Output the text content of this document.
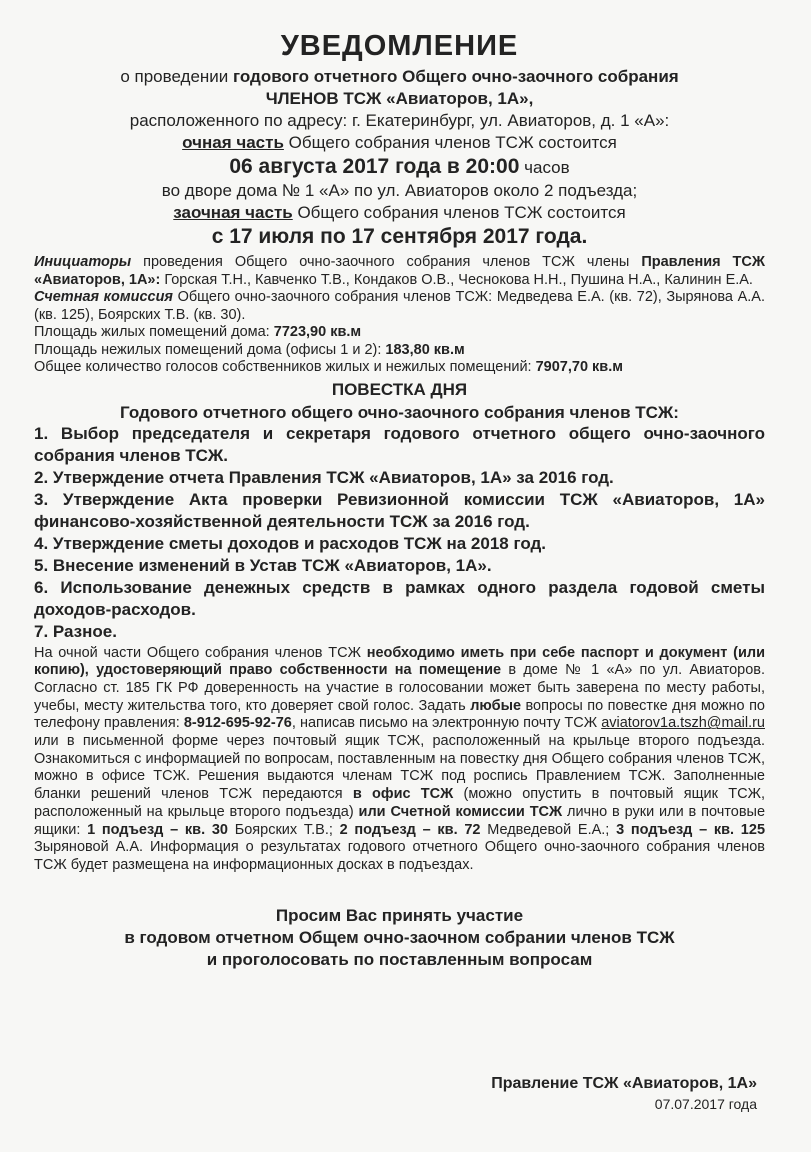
УВЕДОМЛЕНИЕ
о проведении годового отчетного Общего очно-заочного собрания
ЧЛЕНОВ ТСЖ «Авиаторов, 1А»,
расположенного по адресу: г. Екатеринбург, ул. Авиаторов, д. 1 «А»:
очная часть Общего собрания членов ТСЖ состоится
06 августа 2017 года в 20:00 часов
во дворе дома № 1 «А» по ул. Авиаторов около 2 подъезда;
заочная часть Общего собрания членов ТСЖ состоится
с 17 июля по 17 сентября 2017 года.
Инициаторы проведения Общего очно-заочного собрания членов ТСЖ члены Правления ТСЖ «Авиаторов, 1А»: Горская Т.Н., Кавченко Т.В., Кондаков О.В., Чеснокова Н.Н., Пушина Н.А., Калинин Е.А.
Счетная комиссия Общего очно-заочного собрания членов ТСЖ: Медведева Е.А. (кв. 72), Зырянова А.А. (кв. 125), Боярских Т.В. (кв. 30).
Площадь жилых помещений дома: 7723,90 кв.м
Площадь нежилых помещений дома (офисы 1 и 2): 183,80 кв.м
Общее количество голосов собственников жилых и нежилых помещений: 7907,70 кв.м
ПОВЕСТКА ДНЯ
Годового отчетного общего очно-заочного собрания членов ТСЖ:
1. Выбор председателя и секретаря годового отчетного общего очно-заочного собрания членов ТСЖ.
2. Утверждение отчета Правления ТСЖ «Авиаторов, 1А» за 2016 год.
3. Утверждение Акта проверки Ревизионной комиссии ТСЖ «Авиаторов, 1А» финансово-хозяйственной деятельности ТСЖ за 2016 год.
4. Утверждение сметы доходов и расходов ТСЖ на 2018 год.
5. Внесение изменений в Устав ТСЖ «Авиаторов, 1А».
6. Использование денежных средств в рамках одного раздела годовой сметы доходов-расходов.
7. Разное.
На очной части Общего собрания членов ТСЖ необходимо иметь при себе паспорт и документ (или копию), удостоверяющий право собственности на помещение в доме № 1 «А» по ул. Авиаторов. Согласно ст. 185 ГК РФ доверенность на участие в голосовании может быть заверена по месту работы, учебы, месту жительства того, кто доверяет свой голос. Задать любые вопросы по повестке дня можно по телефону правления: 8-912-695-92-76, написав письмо на электронную почту ТСЖ aviatorov1a.tszh@mail.ru или в письменной форме через почтовый ящик ТСЖ, расположенный на крыльце второго подъезда. Ознакомиться с информацией по вопросам, поставленным на повестку дня Общего собрания членов ТСЖ, можно в офисе ТСЖ. Решения выдаются членам ТСЖ под роспись Правлением ТСЖ. Заполненные бланки решений членов ТСЖ передаются в офис ТСЖ (можно опустить в почтовый ящик ТСЖ, расположенный на крыльце второго подъезда) или Счетной комиссии ТСЖ лично в руки или в почтовые ящики: 1 подъезд – кв. 30 Боярских Т.В.; 2 подъезд – кв. 72 Медведевой Е.А.; 3 подъезд – кв. 125 Зыряновой А.А. Информация о результатах годового отчетного Общего очно-заочного собрания членов ТСЖ будет размещена на информационных досках в подъездах.
Просим Вас принять участие
в годовом отчетном Общем очно-заочном собрании членов ТСЖ
и проголосовать по поставленным вопросам
Правление ТСЖ «Авиаторов, 1А»
07.07.2017 года
